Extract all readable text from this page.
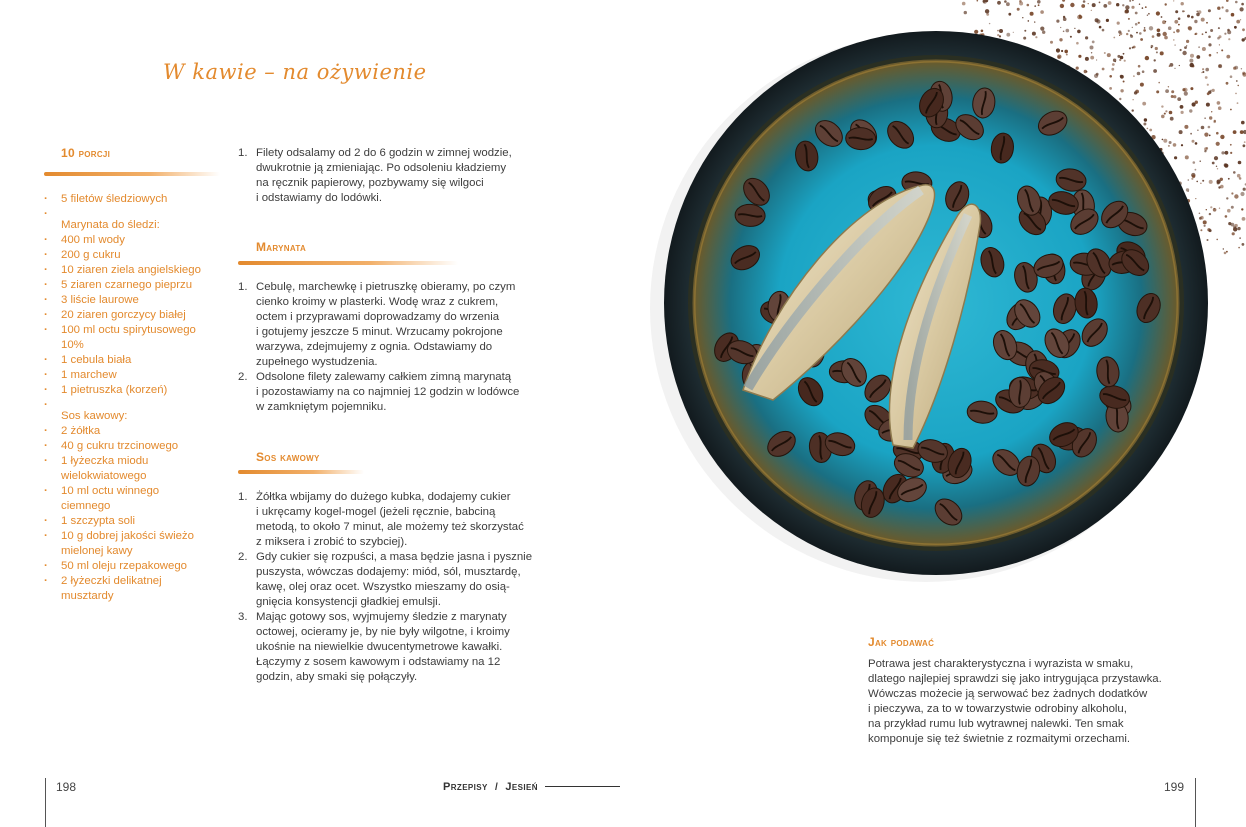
W kawie – na ożywienie
10 porcji
· 5 filetów śledziowych
·
Marynata do śledzi:
· 400 ml wody
· 200 g cukru
· 10 ziaren ziela angielskiego
· 5 ziaren czarnego pieprzu
· 3 liście laurowe
· 20 ziaren gorczycy białej
· 100 ml octu spirytusowego
10%
· 1 cebula biała
· 1 marchew
· 1 pietruszka (korzeń)
·
Sos kawowy:
· 2 żółtka
· 40 g cukru trzcinowego
· 1 łyżeczka miodu
wielokwiatowego
· 10 ml octu winnego
ciemnego
· 1 szczypta soli
· 10 g dobrej jakości świeżo
mielonej kawy
· 50 ml oleju rzepakowego
· 2 łyżeczki delikatnej
musztardy
1. Filety odsalamy od 2 do 6 godzin w zimnej wodzie,
dwukrotnie ją zmieniając. Po odsoleniu kładziemy
na ręcznik papierowy, pozbywamy się wilgoci
i odstawiamy do lodówki.
Marynata
1. Cebulę, marchewkę i pietruszkę obieramy, po czym
cienko kroimy w plasterki. Wodę wraz z cukrem,
octem i przyprawami doprowadzamy do wrzenia
i gotujemy jeszcze 5 minut. Wrzucamy pokrojone
warzywa, zdejmujemy z ognia. Odstawiamy do
zupełnego wystudzenia.
2. Odsolone filety zalewamy całkiem zimną marynatą
i pozostawiamy na co najmniej 12 godzin w lodówce
w zamkniętym pojemniku.
Sos kawowy
1. Żółtka wbijamy do dużego kubka, dodajemy cukier
i ukręcamy kogel-mogel (jeżeli ręcznie, babciną
metodą, to około 7 minut, ale możemy też skorzystać
z miksera i zrobić to szybciej).
2. Gdy cukier się rozpuści, a masa będzie jasna i pysznie
puszysta, wówczas dodajemy: miód, sól, musztardę,
kawę, olej oraz ocet. Wszystko mieszamy do osią-
gnięcia konsystencji gładkiej emulsji.
3. Mając gotowy sos, wyjmujemy śledzie z marynaty
octowej, ocieramy je, by nie były wilgotne, i kroimy
ukośnie na niewielkie dwucentymetrowe kawałki.
Łączymy z sosem kawowym i odstawiamy na 12
godzin, aby smaki się połączyły.
198	Przepisy / Jesień
Jak podawać
Potrawa jest charakterystyczna i wyrazista w smaku,
dlatego najlepiej sprawdzi się jako intrygująca przystawka.
Wówczas możecie ją serwować bez żadnych dodatków
i pieczywa, za to w towarzystwie odrobiny alkoholu,
na przykład rumu lub wytrawnej nalewki. Ten smak
komponuje się też świetnie z rozmaitymi orzechami.
199
